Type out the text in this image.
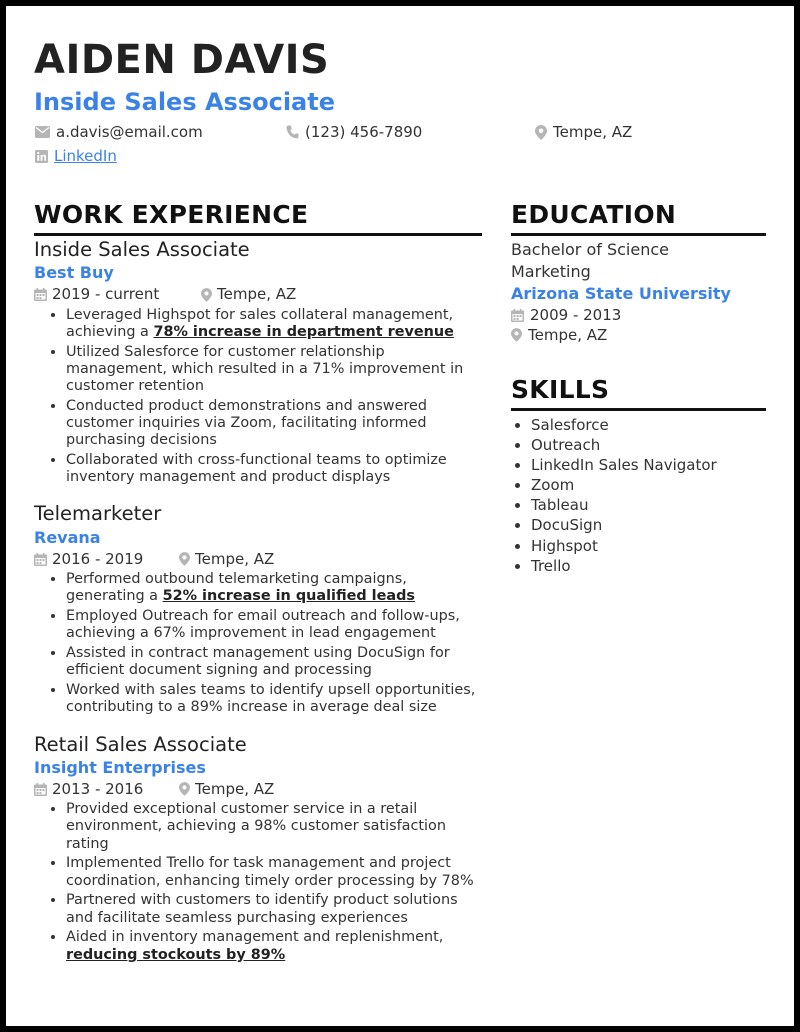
AIDEN DAVIS
Inside Sales Associate
a.davis@email.com	(123) 456-7890	Tempe, AZ
LinkedIn
WORK EXPERIENCE	EDUCATION
SKILLS
Inside Sales Associate
Best Buy
2019 - current	Tempe, AZ
• Leveraged Highspot for sales collateral management, achieving a 78% increase in department revenue
• Utilized Salesforce for customer relationship management, which resulted in a 71% improvement in customer retention
• Conducted product demonstrations and answered customer inquiries via Zoom, facilitating informed purchasing decisions
• Collaborated with cross-functional teams to optimize inventory management and product displays
Telemarketer
Revana
2016 - 2019	Tempe, AZ
• Performed outbound telemarketing campaigns, generating a 52% increase in qualified leads
• Employed Outreach for email outreach and follow-ups, achieving a 67% improvement in lead engagement
• Assisted in contract management using DocuSign for efficient document signing and processing
• Worked with sales teams to identify upsell opportunities, contributing to a 89% increase in average deal size
Retail Sales Associate
Insight Enterprises
2013 - 2016	Tempe, AZ
• Provided exceptional customer service in a retail environment, achieving a 98% customer satisfaction rating
• Implemented Trello for task management and project coordination, enhancing timely order processing by 78%
• Partnered with customers to identify product solutions and facilitate seamless purchasing experiences
• Aided in inventory management and replenishment, reducing stockouts by 89%
Bachelor of Science
Marketing
Arizona State University
2009 - 2013
Tempe, AZ
• Salesforce
• Outreach
• LinkedIn Sales Navigator
• Zoom
• Tableau
• DocuSign
• Highspot
• Trello
